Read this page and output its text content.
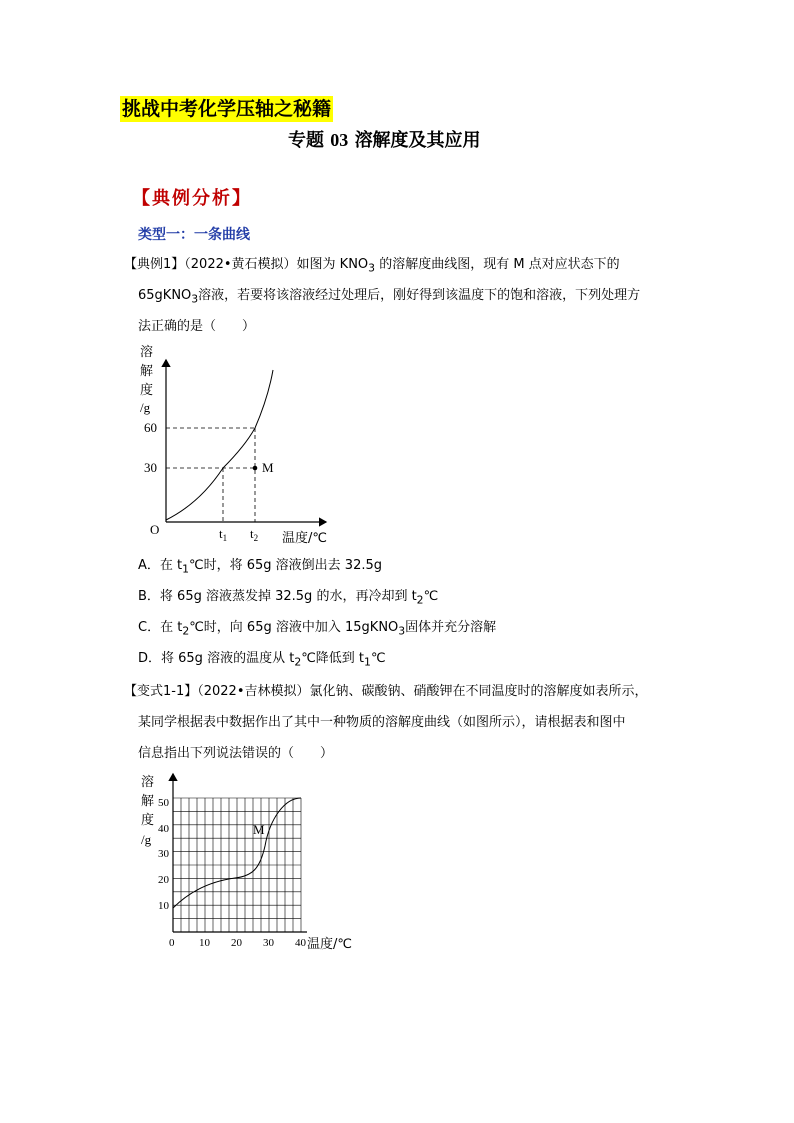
挑战中考化学压轴之秘籍
专题 03 溶解度及其应用
【典例分析】
类型一：一条曲线
【典例1】（2022•黄石模拟）如图为 $KNO_3$ 的溶解度曲线图，现有 M 点对应状态下的
65gKNO$_3$溶液，若要将该溶液经过处理后，刚好得到该温度下的饱和溶液，下列处理方
法正确的是（　　）
M
溶
解
度
/g
60
30
O	$t_1$ $t_2$ 温度/℃
A．在 $t_1℃$时，将 65g 溶液倒出去 32.5g
B．将 65g 溶液蒸发掉 32.5g 的水，再冷却到 $t_2℃$
C．在 $t_2℃$时，向 65g 溶液中加入 15gKNO$_3$固体并充分溶解
D．将 65g 溶液的温度从 $t_2℃$降低到 $t_1℃$
【变式1-1】（2022•吉林模拟）氯化钠、碳酸钠、硝酸钾在不同温度时的溶解度如表所示，
某同学根据表中数据作出了其中一种物质的溶解度曲线（如图所示），请根据表和图中
信息指出下列说法错误的（　　）
M
溶
解
度
/g
50
40
30
20
10
0 10 20 30 40 温度/℃
